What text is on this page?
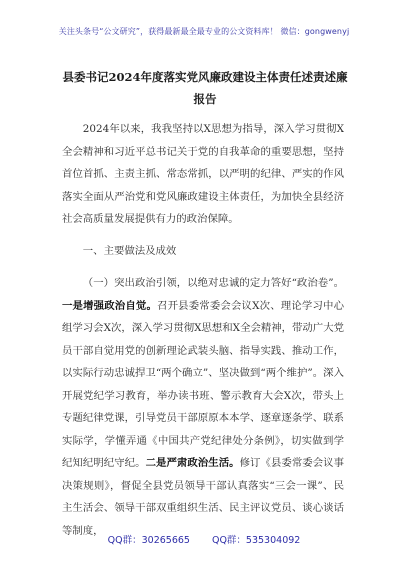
关注头条号“公文研究”，获得最新最全最专业的公文资料库！ 微信：gongwenyj
县委书记2024年度落实党风廉政建设主体责任述责述廉报告

2024年以来，我我坚持以X思想为指导，深入学习贯彻X全会精神和习近平总书记关于党的自我革命的重要思想，坚持首位首抓、主责主抓、常态常抓，以严明的纪律、严实的作风落实全面从严治党和党风廉政建设主体责任，为加快全县经济社会高质量发展提供有力的政治保障。

一、主要做法及成效

（一）突出政治引领，以绝对忠诚的定力答好“政治卷”。一是增强政治自觉。召开县委常委会会议X次、理论学习中心组学习会X次，深入学习贯彻X思想和X全会精神，带动广大党员干部自觉用党的创新理论武装头脑、指导实践、推动工作，以实际行动忠诚捍卫“两个确立”、坚决做到“两个维护”。深入开展党纪学习教育，举办读书班、警示教育大会X次，带头上专题纪律党课，引导党员干部原原本本学、逐章逐条学、联系实际学，学懂弄通《中国共产党纪律处分条例》，切实做到学纪知纪明纪守纪。二是严肃政治生活。修订《县委常委会议事决策规则》，督促全县党员领导干部认真落实“三会一课”、民主生活会、领导干部双重组织生活、民主评议党员、谈心谈话等制度，

QQ群：30265665 QQ群：535304092
